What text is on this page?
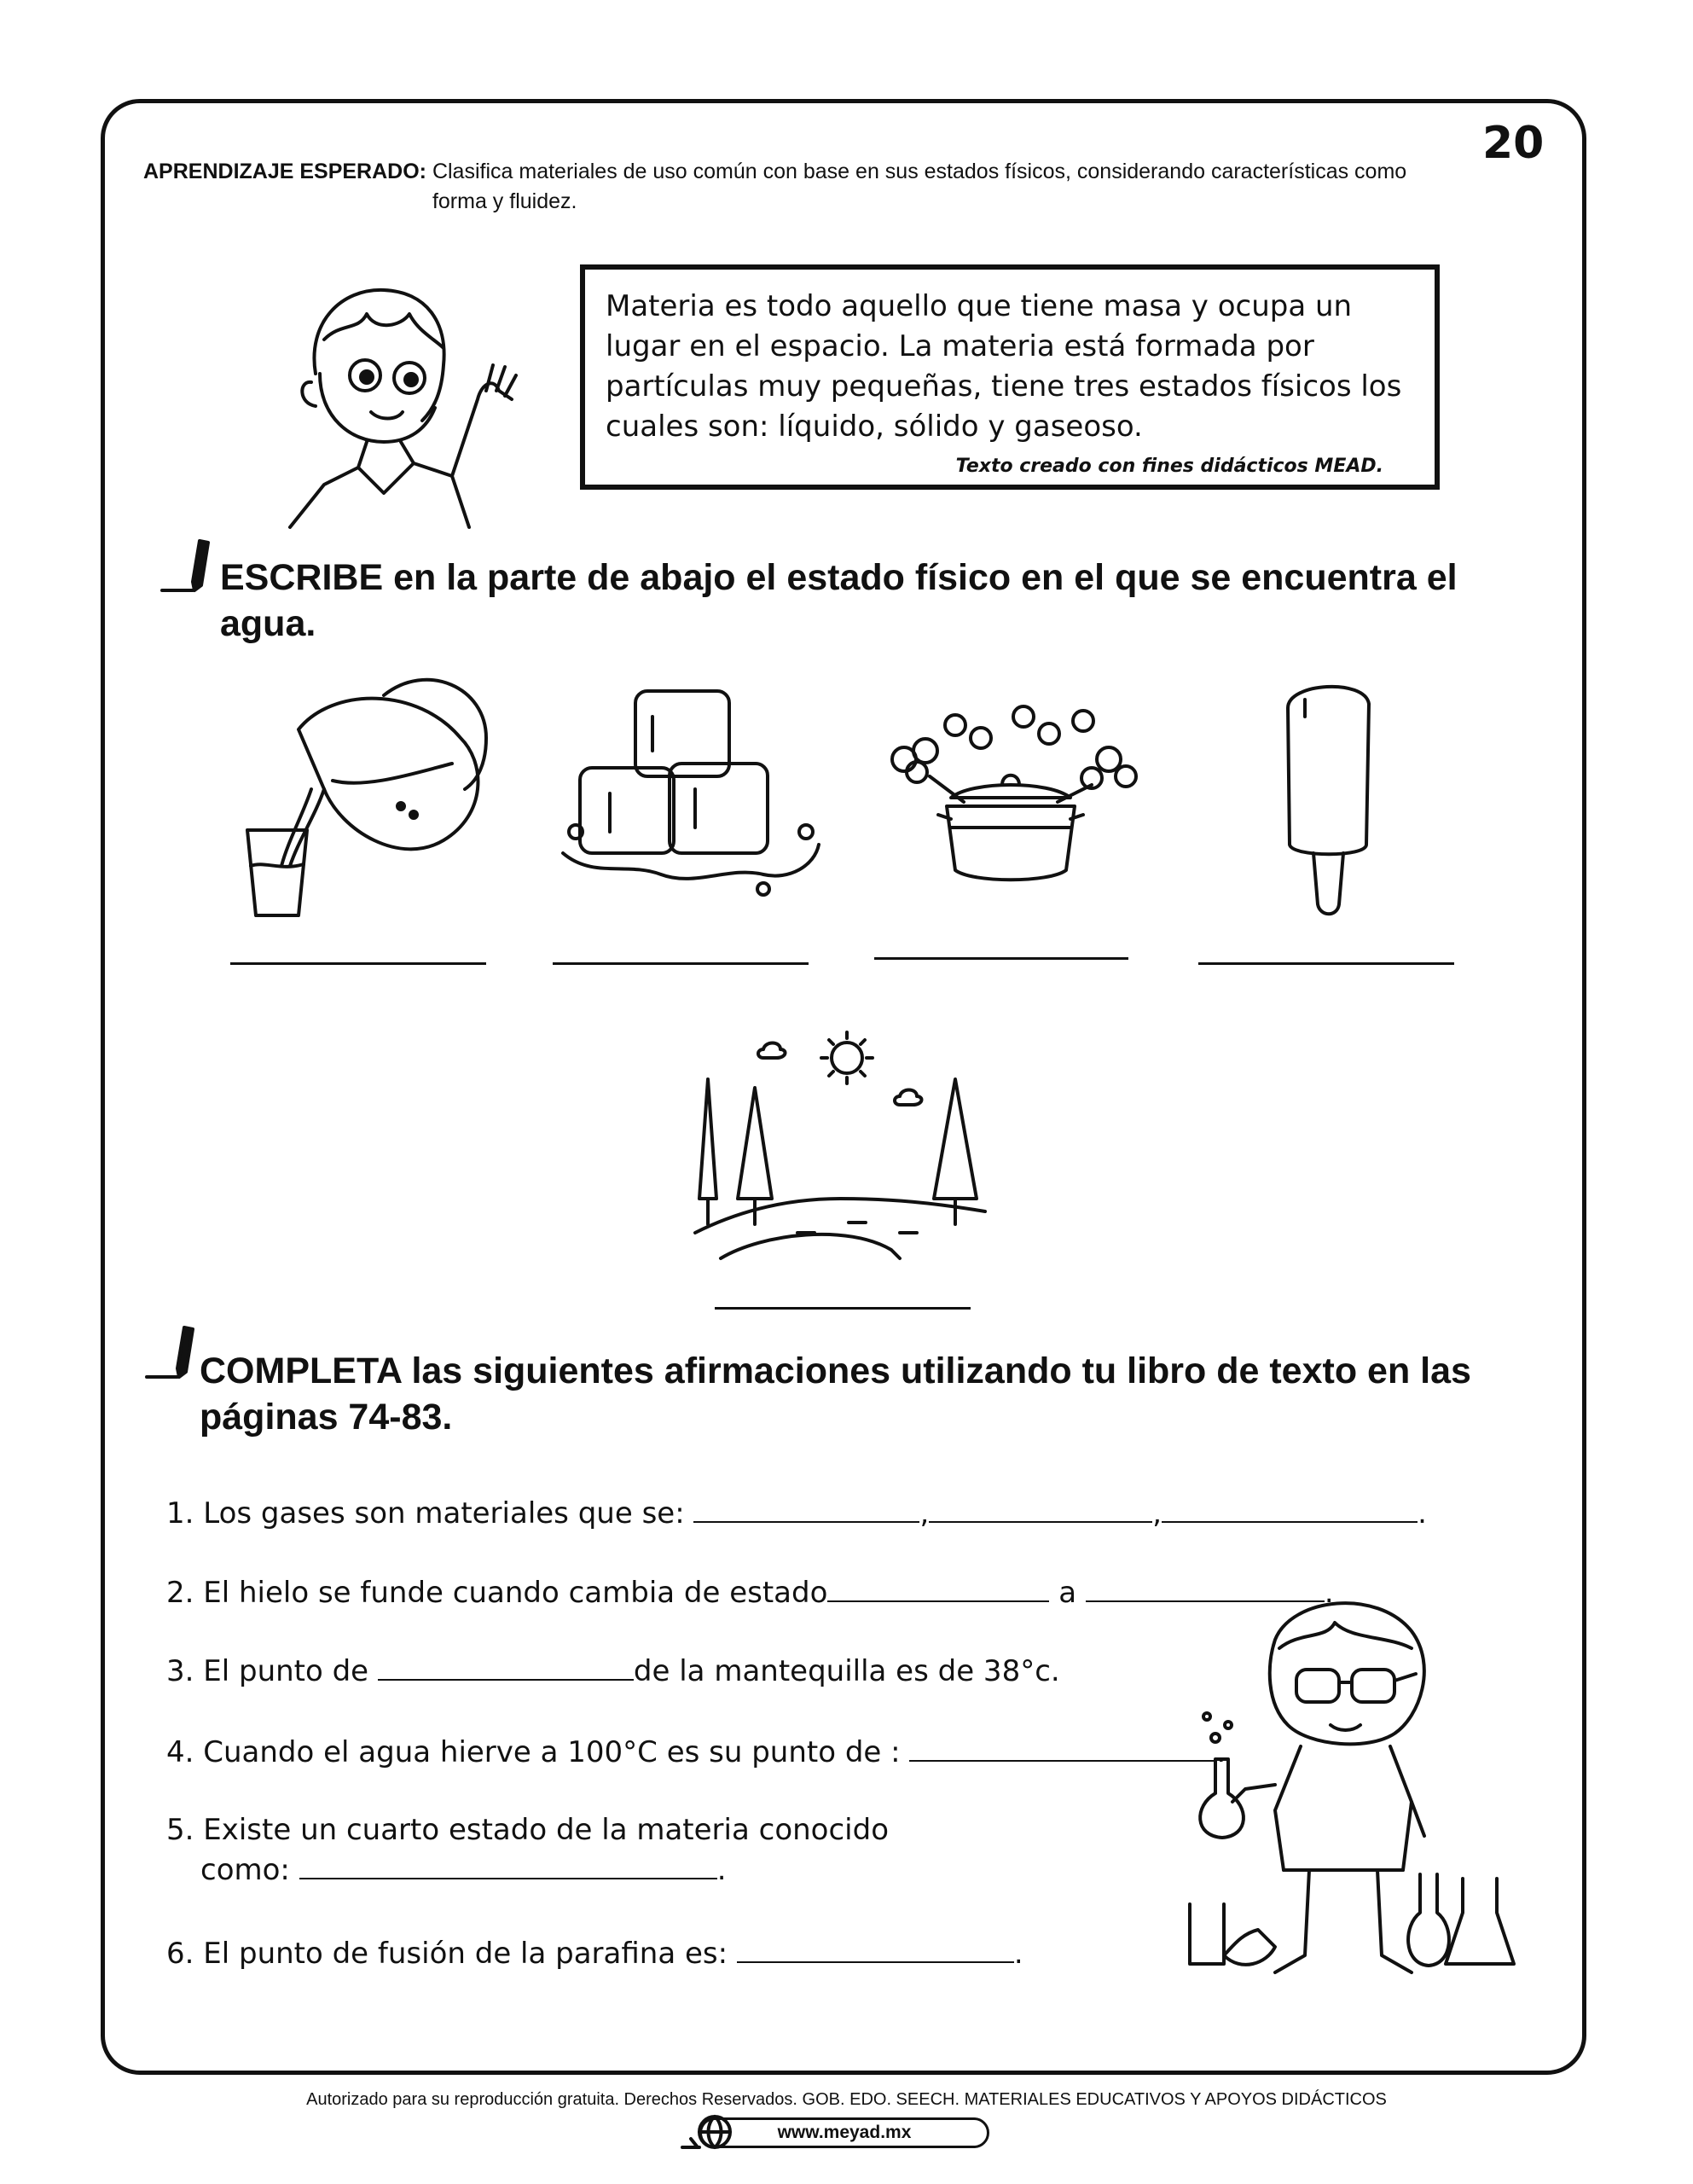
20
APRENDIZAJE ESPERADO: Clasifica materiales de uso común con base en sus estados físicos, considerando características como forma y fluidez.
Materia es todo aquello que tiene masa y ocupa un lugar en el espacio. La materia está formada por partículas muy pequeñas, tiene tres estados físicos los cuales son: líquido, sólido y gaseoso.
Texto creado con fines didácticos MEAD.
ESCRIBE en la parte de abajo el estado físico en el que se encuentra el agua.
COMPLETA las siguientes afirmaciones utilizando tu libro de texto en las páginas 74-83.
1. Los gases son materiales que se:	,	,	.
2. El hielo se funde cuando cambia de estado	a	.
3. El punto de	de la mantequilla es de 38°c.
4. Cuando el agua hierve a 100°C es su punto de :	.
5. Existe un cuarto estado de la materia conocido
como:	.
6. El punto de fusión de la parafina es:	.
Autorizado para su reproducción gratuita. Derechos Reservados. GOB. EDO. SEECH. MATERIALES EDUCATIVOS Y APOYOS DIDÁCTICOS
www.meyad.mx
